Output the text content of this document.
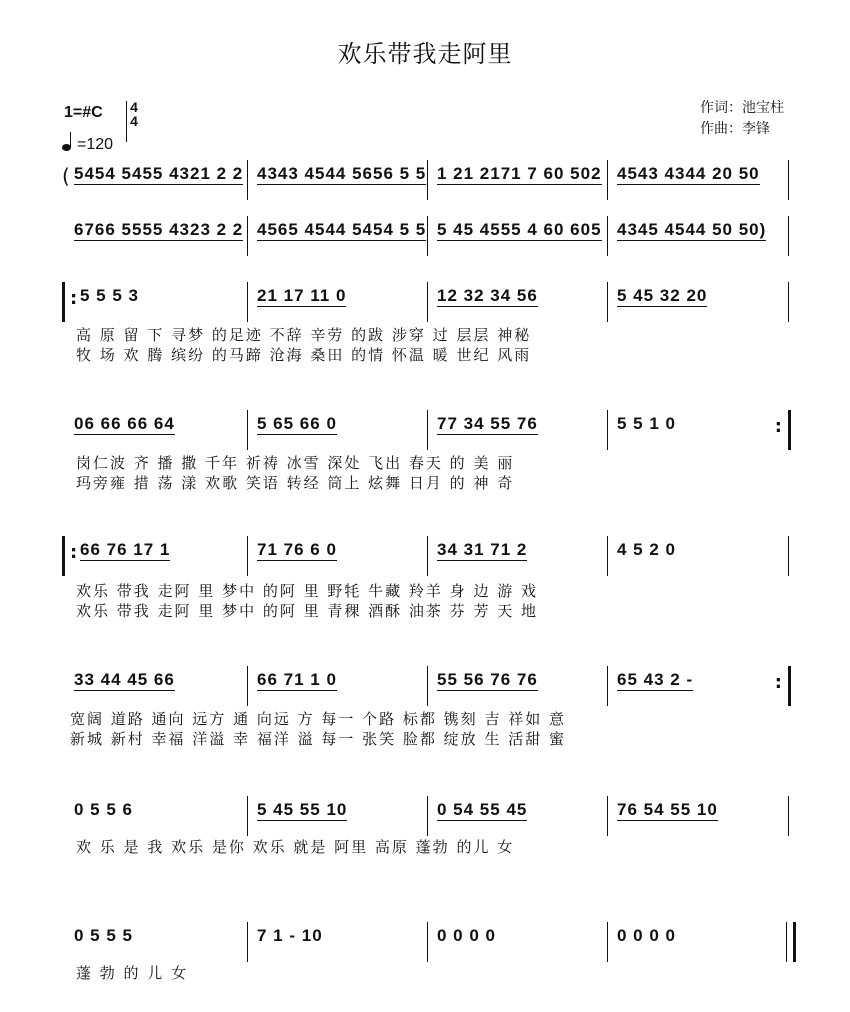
欢乐带我走阿里
1=#C 4
4
=120
作词：池宝柱
作曲：李锋
( 5454 5455 4321 2 2 4343 4544 5656 5 5 1 21 2171 7 60 502 4543 4344 20 50
6766 5555 4323 2 2 4565 4544 5454 5 5 5 45 4555 4 60 605 4345 4544 50 50)
:
5 5 5 3	21 17 11 0	12 32 34 56	5 45 32 20
高 原 留 下 寻梦 的足迹 不辞 辛劳 的跋 涉穿 过 层层 神秘
牧 场 欢 腾 缤纷 的马蹄 沧海 桑田 的情 怀温 暖 世纪 风雨
06 66 66 64	5 65 66 0	77 34 55 76	5 5 1 0
:
岗仁波 齐 播 撒 千年 祈祷 冰雪 深处 飞出 春天 的 美 丽
玛旁雍 措 荡 漾 欢歌 笑语 转经 筒上 炫舞 日月 的 神 奇
:
66 76 17 1	71 76 6 0	34 31 71 2	4 5 2 0
欢乐 带我 走阿 里 梦中 的阿 里 野牦 牛藏 羚羊 身 边 游 戏
欢乐 带我 走阿 里 梦中 的阿 里 青稞 酒酥 油茶 芬 芳 天 地
33 44 45 66	66 71 1 0	55 56 76 76	65 43 2 -
:
宽阔 道路 通向 远方 通 向远 方 每一 个路 标都 镌刻 吉 祥如 意
新城 新村 幸福 洋溢 幸 福洋 溢 每一 张笑 脸都 绽放 生 活甜 蜜
0 5 5 6	5 45 55 10	0 54 55 45	76 54 55 10
欢 乐 是 我 欢乐 是你 欢乐 就是 阿里 高原 蓬勃 的儿 女
0 5 5 5	7 1 - 10	0 0 0 0	0 0 0 0
蓬 勃 的 儿 女
